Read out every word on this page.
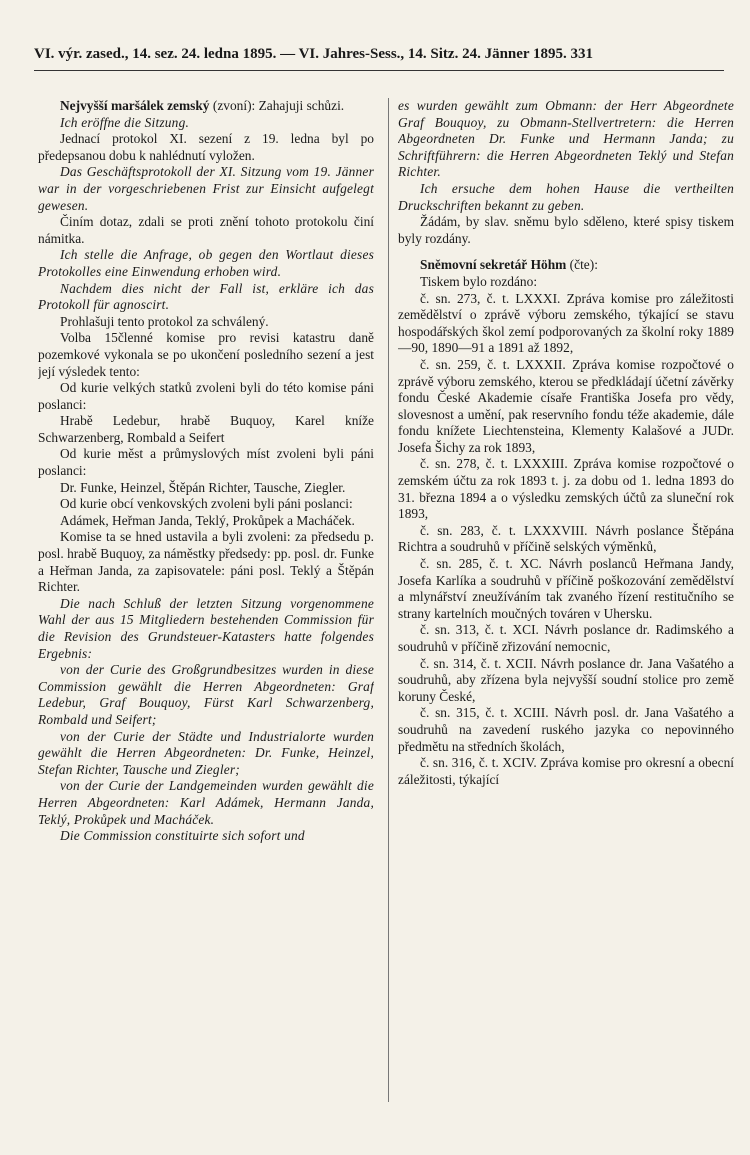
VI. výr. zased., 14. sez. 24. ledna 1895. — VI. Jahres-Sess., 14. Sitz. 24. Jänner 1895. 331

Nejvyšší maršálek zemský (zvoní): Zahajuji schůzi.

Ich eröffne die Sitzung.

Jednací protokol XI. sezení z 19. ledna byl po předepsanou dobu k nahlédnutí vyložen.

Das Geschäftsprotokoll der XI. Sitzung vom 19. Jänner war in der vorgeschriebenen Frist zur Einsicht aufgelegt gewesen.

Činím dotaz, zdali se proti znění tohoto protokolu činí námitka.

Ich stelle die Anfrage, ob gegen den Wortlaut dieses Protokolles eine Einwendung erhoben wird.

Nachdem dies nicht der Fall ist, erkläre ich das Protokoll für agnoscirt.

Prohlašuji tento protokol za schválený.

Volba 15členné komise pro revisi katastru daně pozemkové vykonala se po ukončení posledního sezení a jest její výsledek tento:

Od kurie velkých statků zvoleni byli do této komise páni poslanci:

Hrabě Ledebur, hrabě Buquoy, Karel kníže Schwarzenberg, Rombald a Seifert

Od kurie měst a průmyslových míst zvoleni byli páni poslanci:

Dr. Funke, Heinzel, Štěpán Richter, Tausche, Ziegler.

Od kurie obcí venkovských zvoleni byli páni poslanci:

Adámek, Heřman Janda, Teklý, Prokůpek a Macháček.

Komise ta se hned ustavila a byli zvoleni: za předsedu p. posl. hrabě Buquoy, za náměstky předsedy: pp. posl. dr. Funke a Heřman Janda, za zapisovatele: páni posl. Teklý a Štěpán Richter.

Die nach Schluß der letzten Sitzung vorgenommene Wahl der aus 15 Mitgliedern bestehenden Commission für die Revision des Grundsteuer-Katasters hatte folgendes Ergebnis:

von der Curie des Großgrundbesitzes wurden in diese Commission gewählt die Herren Abgeordneten: Graf Ledebur, Graf Bouquoy, Fürst Karl Schwarzenberg, Rombald und Seifert;

von der Curie der Städte und Industrialorte wurden gewählt die Herren Abgeordneten: Dr. Funke, Heinzel, Stefan Richter, Tausche und Ziegler;

von der Curie der Landgemeinden wurden gewählt die Herren Abgeordneten: Karl Adámek, Hermann Janda, Teklý, Prokůpek und Macháček.

Die Commission constituirte sich sofort und

es wurden gewählt zum Obmann: der Herr Abgeordnete Graf Bouquoy, zu Obmann-Stellvertretern: die Herren Abgeordneten Dr. Funke und Hermann Janda; zu Schriftführern: die Herren Abgeordneten Teklý und Stefan Richter.

Ich ersuche dem hohen Hause die vertheilten Druckschriften bekannt zu geben.

Žádám, by slav. sněmu bylo sděleno, které spisy tiskem byly rozdány.

Sněmovní sekretář Höhm (čte):

Tiskem bylo rozdáno:

č. sn. 273, č. t. LXXXI. Zpráva komise pro záležitosti zemědělství o zprávě výboru zemského, týkající se stavu hospodářských škol zemí podporovaných za školní roky 1889—90, 1890—91 a 1891 až 1892,

č. sn. 259, č. t. LXXXII. Zpráva komise rozpočtové o zprávě výboru zemského, kterou se předkládají účetní závěrky fondu České Akademie císaře Františka Josefa pro vědy, slovesnost a umění, pak reservního fondu téže akademie, dále fondu knížete Liechtensteina, Klementy Kalašové a JUDr. Josefa Šichy za rok 1893,

č. sn. 278, č. t. LXXXIII. Zpráva komise rozpočtové o zemském účtu za rok 1893 t. j. za dobu od 1. ledna 1893 do 31. března 1894 a o výsledku zemských účtů za sluneční rok 1893,

č. sn. 283, č. t. LXXXVIII. Návrh poslance Štěpána Richtra a soudruhů v příčině selských výměnků,

č. sn. 285, č. t. XC. Návrh poslanců Heřmana Jandy, Josefa Karlíka a soudruhů v příčině poškozování zemědělství a mlynářství zneužíváním tak zvaného řízení restitučního se strany kartelních moučných továren v Uhersku.

č. sn. 313, č. t. XCI. Návrh poslance dr. Radimského a soudruhů v příčině zřizování nemocnic,

č. sn. 314, č. t. XCII. Návrh poslance dr. Jana Vašatého a soudruhů, aby zřízena byla nejvyšší soudní stolice pro země koruny České,

č. sn. 315, č. t. XCIII. Návrh posl. dr. Jana Vašatého a soudruhů na zavedení ruského jazyka co nepovinného předmětu na středních školách,

č. sn. 316, č. t. XCIV. Zpráva komise pro okresní a obecní záležitosti, týkající
